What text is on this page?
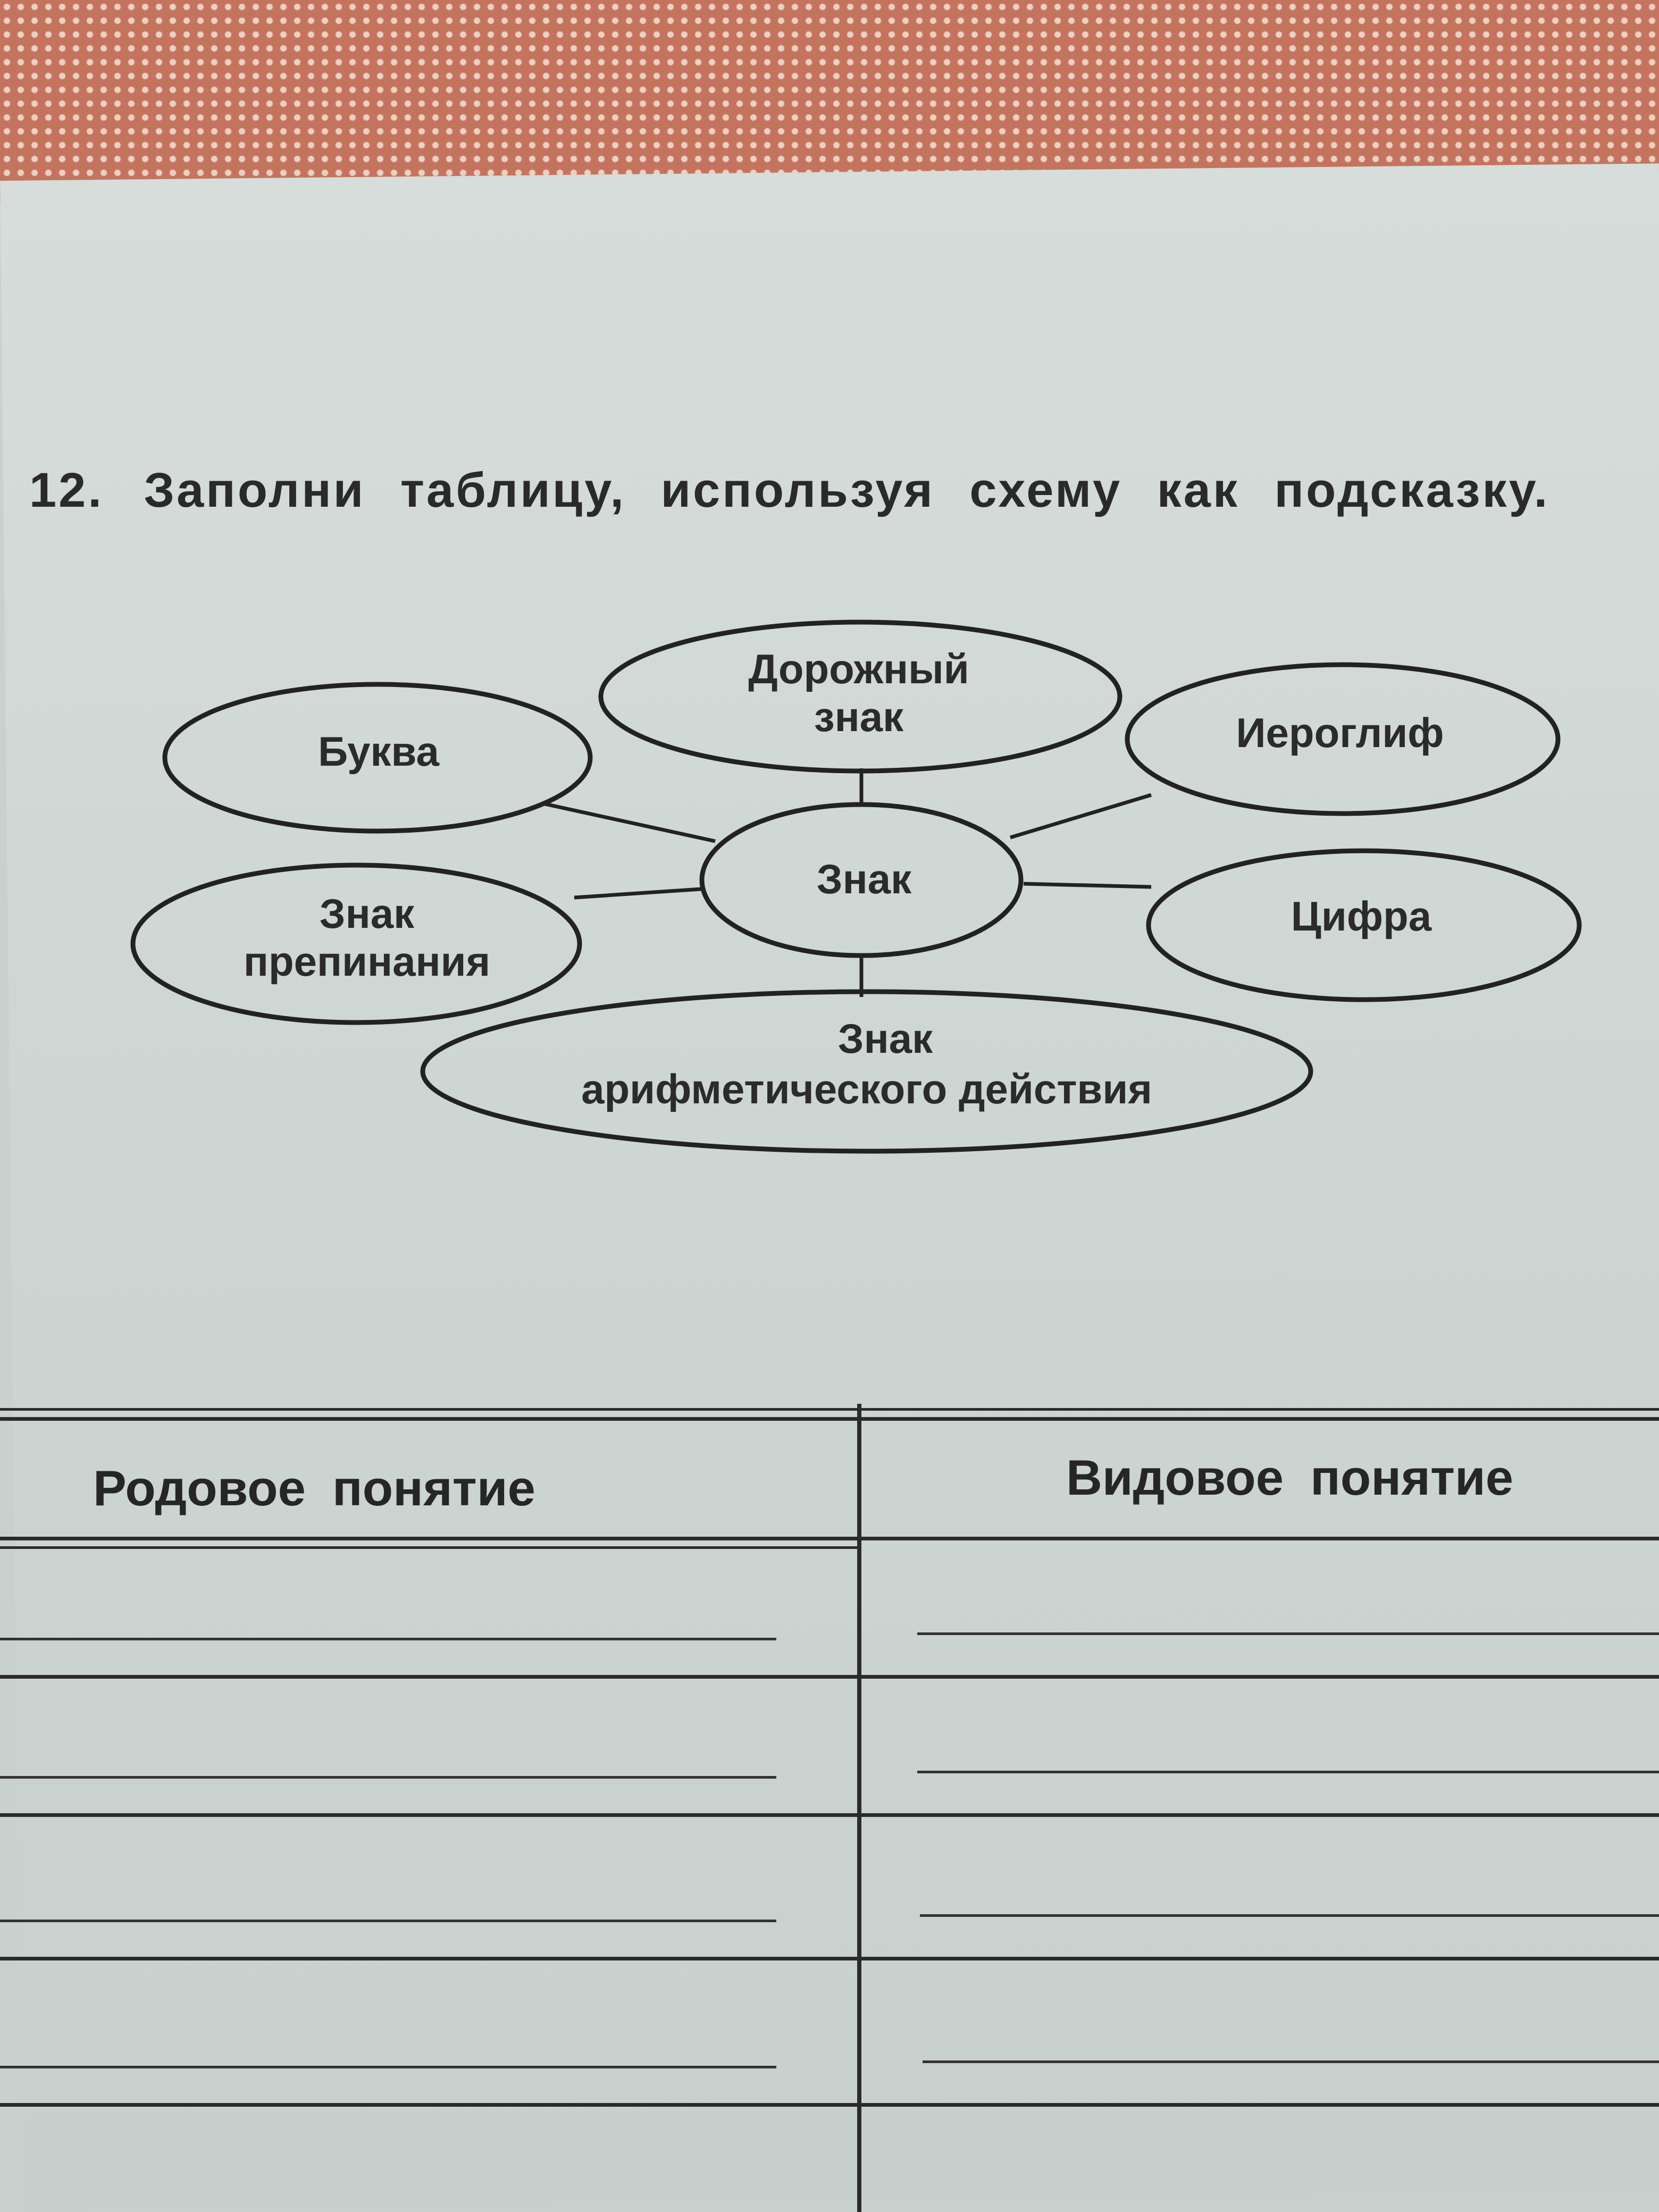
12. Заполни таблицу, используя схему как подсказку.
Знак
Буква
Дорожный
знак	Иероглиф
Знак
препинания
Цифра
Знак
арифметического действия
Родовое понятие	Видовое понятие
